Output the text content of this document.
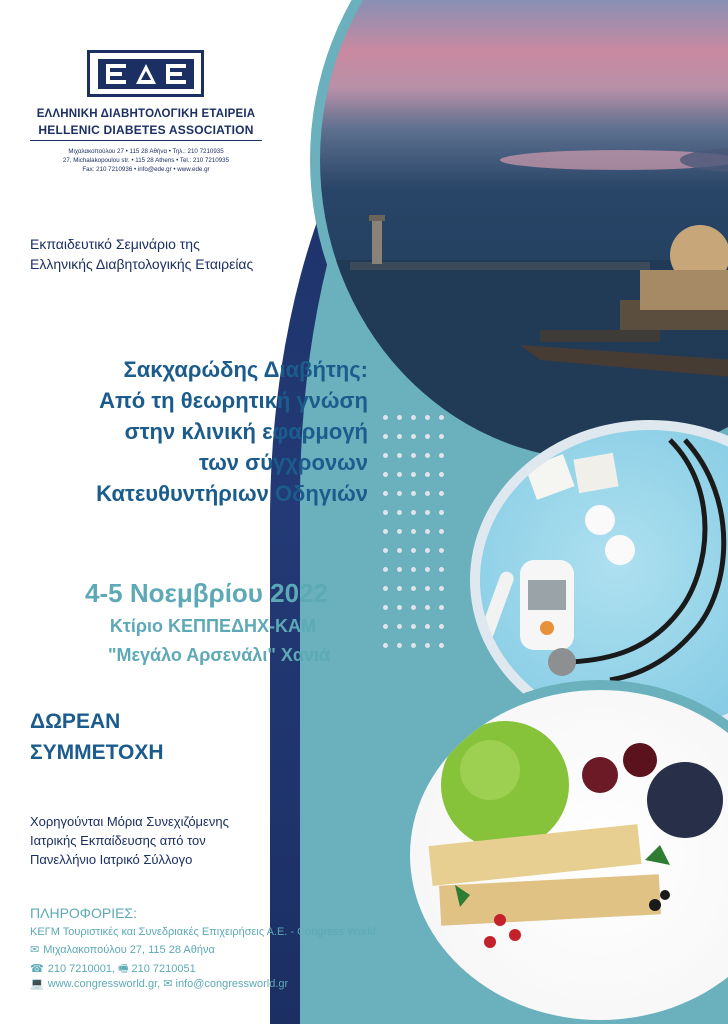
ΕΛΛΗΝΙΚΗ ΔΙΑΒΗΤΟΛΟΓΙΚΗ ΕΤΑΙΡΕΙΑ
HELLENIC DIABETES ASSOCIATION
Μιχαλακοπούλου 27 • 115 28 Αθήνα • Τηλ.: 210 7210935
27, Michalakopoulou str. • 115 28 Athens • Tel.: 210 7210935
Fax: 210 7210936 • info@ede.gr • www.ede.gr
Εκπαιδευτικό Σεμινάριο της
Ελληνικής Διαβητολογικής Εταιρείας
Σακχαρώδης Διαβήτης:
Από τη θεωρητική γνώση
στην κλινική εφαρμογή
των σύγχρονων
Κατευθυντήριων Οδηγιών
4-5 Νοεμβρίου 2022
Κτίριο ΚΕΠΠΕΔΗΧ-ΚΑΜ
"Μεγάλο Αρσενάλι" Χανιά
ΔΩΡΕΑΝ
ΣΥΜΜΕΤΟΧΗ
Χορηγούνται Μόρια Συνεχιζόμενης
Ιατρικής Εκπαίδευσης από τον
Πανελλήνιο Ιατρικό Σύλλογο
ΠΛΗΡΟΦΟΡΙΕΣ:
ΚΕΓΜ Τουριστικές και Συνεδριακές Επιχειρήσεις Α.Ε. - Congress World
✉ Μιχαλακοπούλου 27, 115 28 Αθήνα
☎ 210 7210001, 🖷 210 7210051
💻 www.congressworld.gr, ✉ info@congressworld.gr
